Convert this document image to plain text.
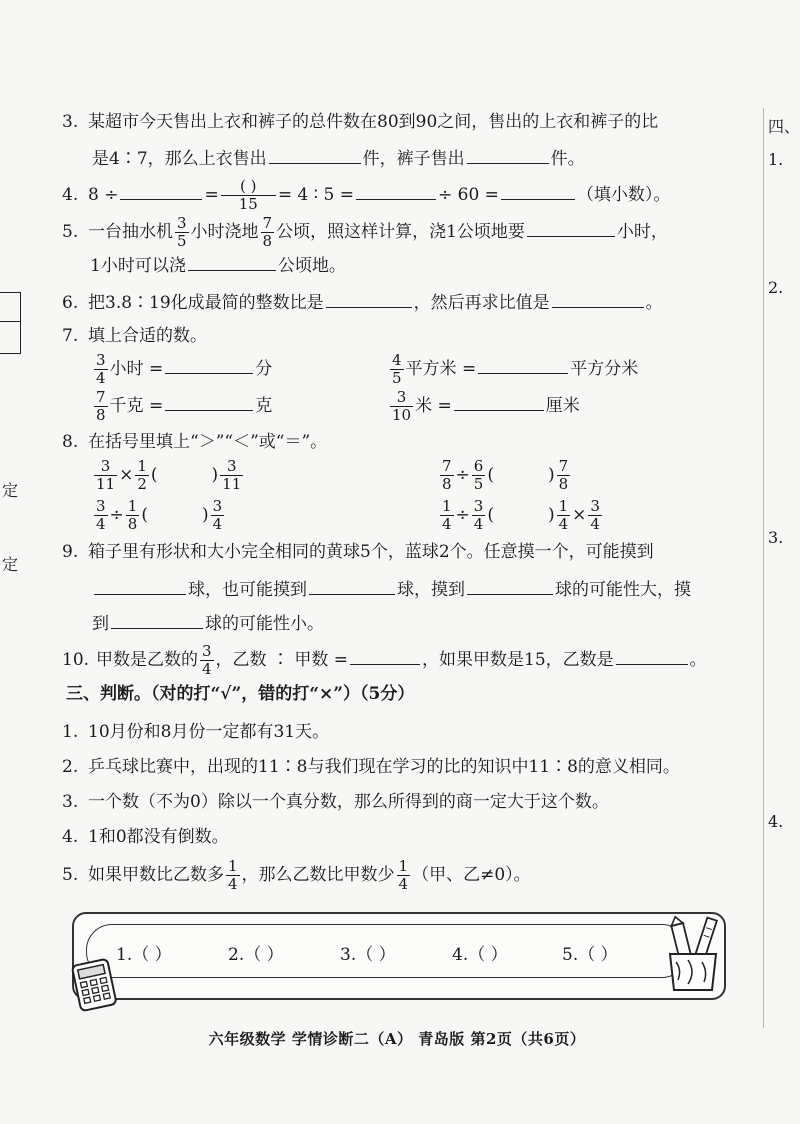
定
定
四、
1.
2.
3.
4.
3. 某超市今天售出上衣和裤子的总件数在80到90之间，售出的上衣和裤子的比
是4∶7，那么上衣售出	件，裤子售出	件。
4. 8 ÷	= $\frac{( )}{15} = 4$ ∶ 5 =	÷ 60 =	（填小数）。
5. 一台抽水机 $\frac{3}{5}$ 小时浇地 $\frac{7}{8}$ 公顷，照这样计算，浇1公顷地要	小时，
1小时可以浇	公顷地。
6. 把3.8∶19化成最简的整数比是	，然后再求比值是	。
7. 填上合适的数。
$\frac{3}{4}$ 小时 =	分	$\frac{4}{5}$ 平方米 =	平方分米
$\frac{7}{8}$ 千克 =	克	$\frac{3}{10}$ 米 =	厘米
8. 在括号里填上“＞”“＜”或“＝”。
$\frac{3}{11} \times \frac{1}{2}$ (	) $\frac{3}{11}$	$\frac{7}{8} \div \frac{6}{5}$ (	) $\frac{7}{8}$
$\frac{3}{4} \div \frac{1}{8}$ (	) $\frac{3}{4}$	$\frac{1}{4} \div \frac{3}{4}$ (	) $\frac{1}{4} \times \frac{3}{4}$
9. 箱子里有形状和大小完全相同的黄球5个，蓝球2个。任意摸一个，可能摸到
球，也可能摸到	球，摸到	球的可能性大，摸
到	球的可能性小。
10. 甲数是乙数的 $\frac{3}{4}$ ，乙数 ∶ 甲数 =	，如果甲数是15，乙数是	。
三、判断。（对的打“√”，错的打“×”）（5分）
1. 10月份和8月份一定都有31天。
2. 乒乓球比赛中，出现的11∶8与我们现在学习的比的知识中11∶8的意义相同。
3. 一个数（不为0）除以一个真分数，那么所得到的商一定大于这个数。
4. 1和0都没有倒数。
5. 如果甲数比乙数多 $\frac{1}{4}$ ，那么乙数比甲数少 $\frac{1}{4}$ （甲、乙≠0）。
1.（ ）	2.（ ）	3.（ ）	4.（ ）	5.（ ）
六年级数学 学情诊断二（A） 青岛版 第2页（共6页）
